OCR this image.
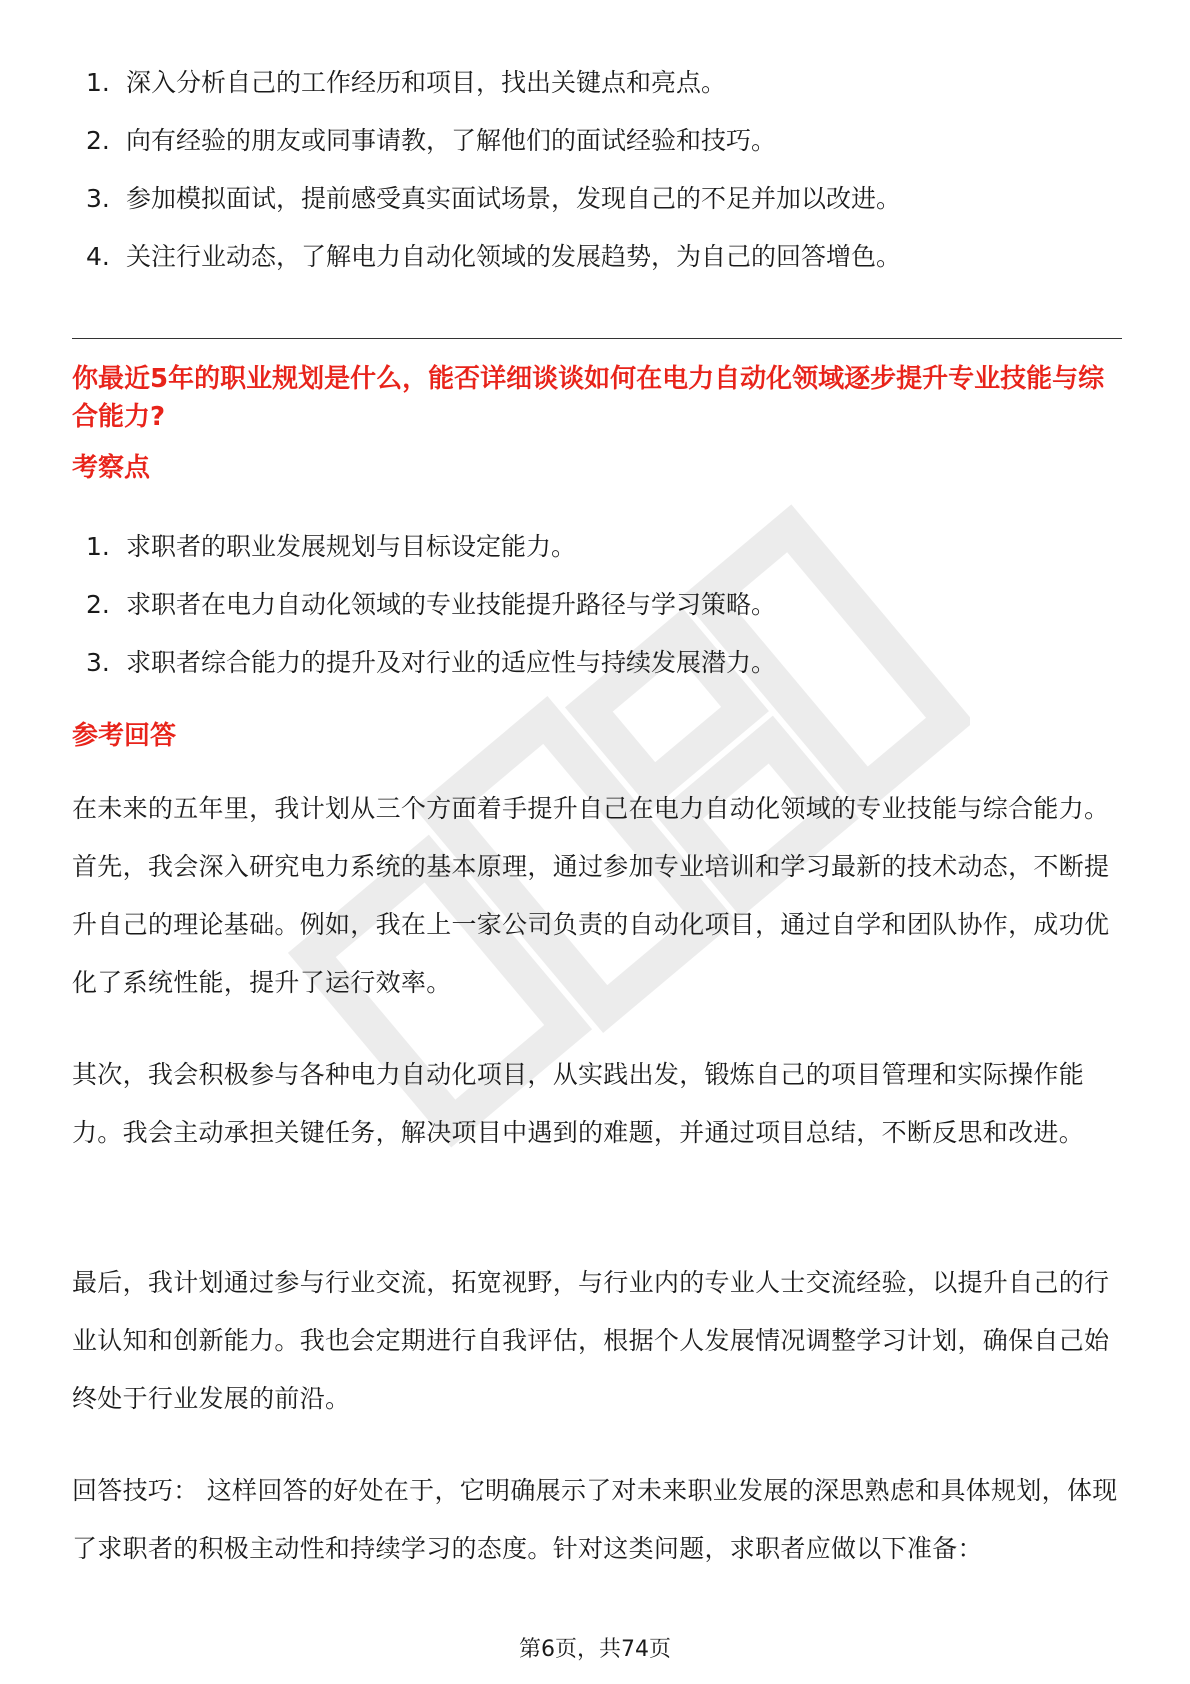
1. 深入分析自己的工作经历和项目，找出关键点和亮点。
2. 向有经验的朋友或同事请教，了解他们的面试经验和技巧。
3. 参加模拟面试，提前感受真实面试场景，发现自己的不足并加以改进。
4. 关注行业动态，了解电力自动化领域的发展趋势，为自己的回答增色。
你最近5年的职业规划是什么，能否详细谈谈如何在电力自动化领域逐步提升专业技能与综合能力?
考察点
1. 求职者的职业发展规划与目标设定能力。
2. 求职者在电力自动化领域的专业技能提升路径与学习策略。
3. 求职者综合能力的提升及对行业的适应性与持续发展潜力。
参考回答

在未来的五年里，我计划从三个方面着手提升自己在电力自动化领域的专业技能与综合能力。首先，我会深入研究电力系统的基本原理，通过参加专业培训和学习最新的技术动态，不断提升自己的理论基础。例如，我在上一家公司负责的自动化项目，通过自学和团队协作，成功优化了系统性能，提升了运行效率。

其次，我会积极参与各种电力自动化项目，从实践出发，锻炼自己的项目管理和实际操作能力。我会主动承担关键任务，解决项目中遇到的难题，并通过项目总结，不断反思和改进。

最后，我计划通过参与行业交流，拓宽视野，与行业内的专业人士交流经验，以提升自己的行业认知和创新能力。我也会定期进行自我评估，根据个人发展情况调整学习计划，确保自己始终处于行业发展的前沿。

回答技巧： 这样回答的好处在于，它明确展示了对未来职业发展的深思熟虑和具体规划，体现了求职者的积极主动性和持续学习的态度。针对这类问题，求职者应做以下准备：

第6页，共74页
